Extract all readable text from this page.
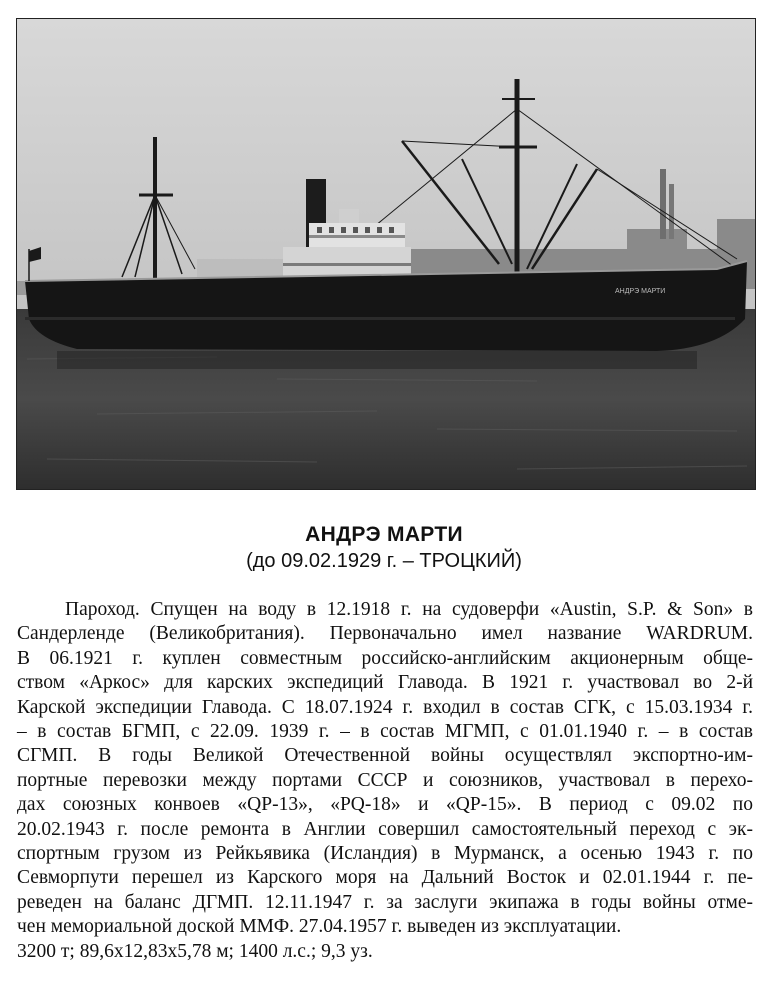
АНДРЭ МАРТИ
АНДРЭ МАРТИ
(до 09.02.1929 г. – ТРОЦКИЙ)
Пароход. Спущен на воду в 12.1918 г. на судоверфи «Austin, S.P. & Son» в
Сандерленде (Великобритания). Первоначально имел название WARDRUM.
В 06.1921 г. куплен совместным российско-английским акционерным обще-
ством «Аркос» для карских экспедиций Главода. В 1921 г. участвовал во 2-й
Карской экспедиции Главода. С 18.07.1924 г. входил в состав СГК, с 15.03.1934 г.
– в состав БГМП, с 22.09. 1939 г. – в состав МГМП, с 01.01.1940 г. – в состав
СГМП. В годы Великой Отечественной войны осуществлял экспортно-им-
портные перевозки между портами СССР и союзников, участвовал в перехо-
дах союзных конвоев «QP-13», «PQ-18» и «QP-15». В период с 09.02 по
20.02.1943 г. после ремонта в Англии совершил самостоятельный переход с эк-
спортным грузом из Рейкьявика (Исландия) в Мурманск, а осенью 1943 г. по
Севморпути перешел из Карского моря на Дальний Восток и 02.01.1944 г. пе-
реведен на баланс ДГМП. 12.11.1947 г. за заслуги экипажа в годы войны отме-
чен мемориальной доской ММФ. 27.04.1957 г. выведен из эксплуатации.
3200 т; 89,6х12,83х5,78 м; 1400 л.с.; 9,3 уз.
